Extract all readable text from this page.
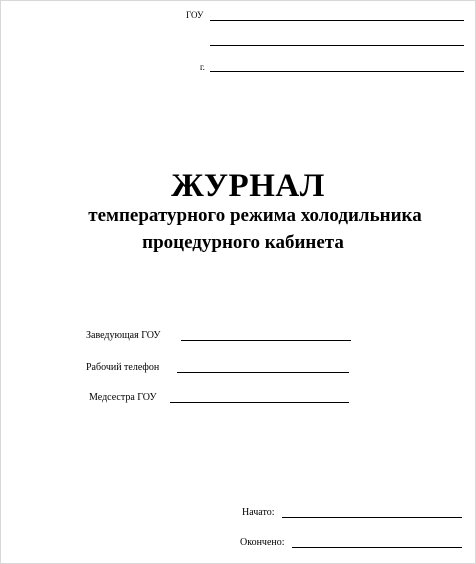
ГОУ
г.
ЖУРНАЛ
температурного режима холодильника
процедурного кабинета
Заведующая ГОУ
Рабочий телефон
Медсестра ГОУ
Начато:
Окончено:
